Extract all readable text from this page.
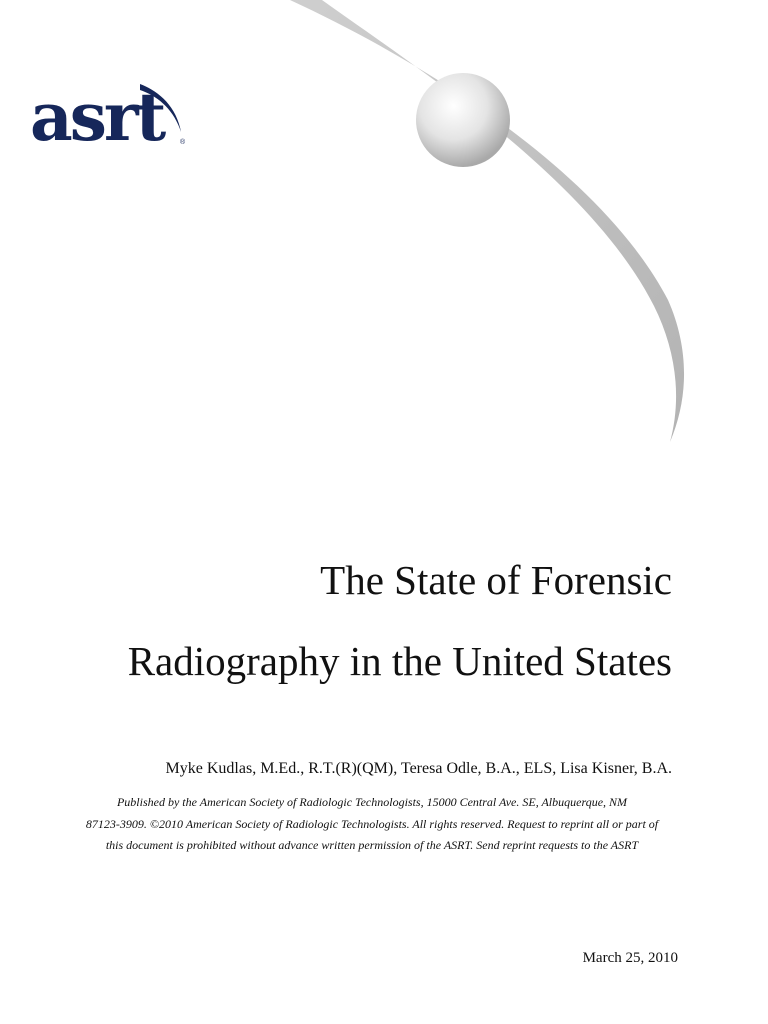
asrt	®
The State of Forensic
Radiography in the United States
Myke Kudlas, M.Ed., R.T.(R)(QM), Teresa Odle, B.A., ELS, Lisa Kisner, B.A.
Published by the American Society of Radiologic Technologists, 15000 Central Ave. SE, Albuquerque, NM
87123-3909. ©2010 American Society of Radiologic Technologists. All rights reserved. Request to reprint all or part of
this document is prohibited without advance written permission of the ASRT. Send reprint requests to the ASRT
March 25, 2010
